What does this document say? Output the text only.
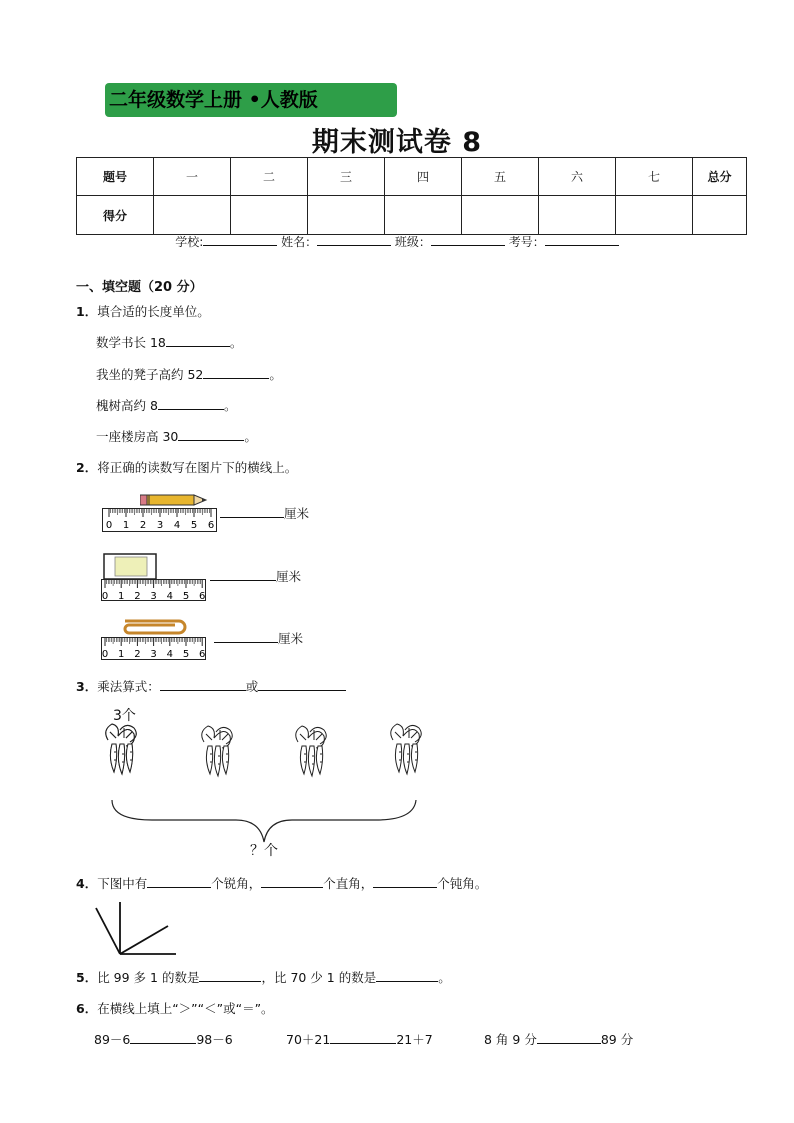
二年级数学上册 •人教版
期末测试卷 8
题号	一	二	三	四	五	六	七	总分
得分								
学校:	姓名：	班级：	考号：
一、填空题（20 分）
1．填合适的长度单位。
数学书长 18	。
我坐的凳子高约 52	。
槐树高约 8	。
一座楼房高 30	。
2．将正确的读数写在图片下的横线上。
0 1 2 3 4 5 6
厘米
0 1 2 3 4 5 6
厘米
0 1 2 3 4 5 6
厘米
3．乘法算式：	或
3个
？个
4．下图中有	个锐角，	个直角，	个钝角。
5．比 99 多 1 的数是	，比 70 少 1 的数是	。
6．在横线上填上“＞”“＜”或“＝”。
89－6	98－6	70＋21	21＋7	8 角 9 分	89 分
